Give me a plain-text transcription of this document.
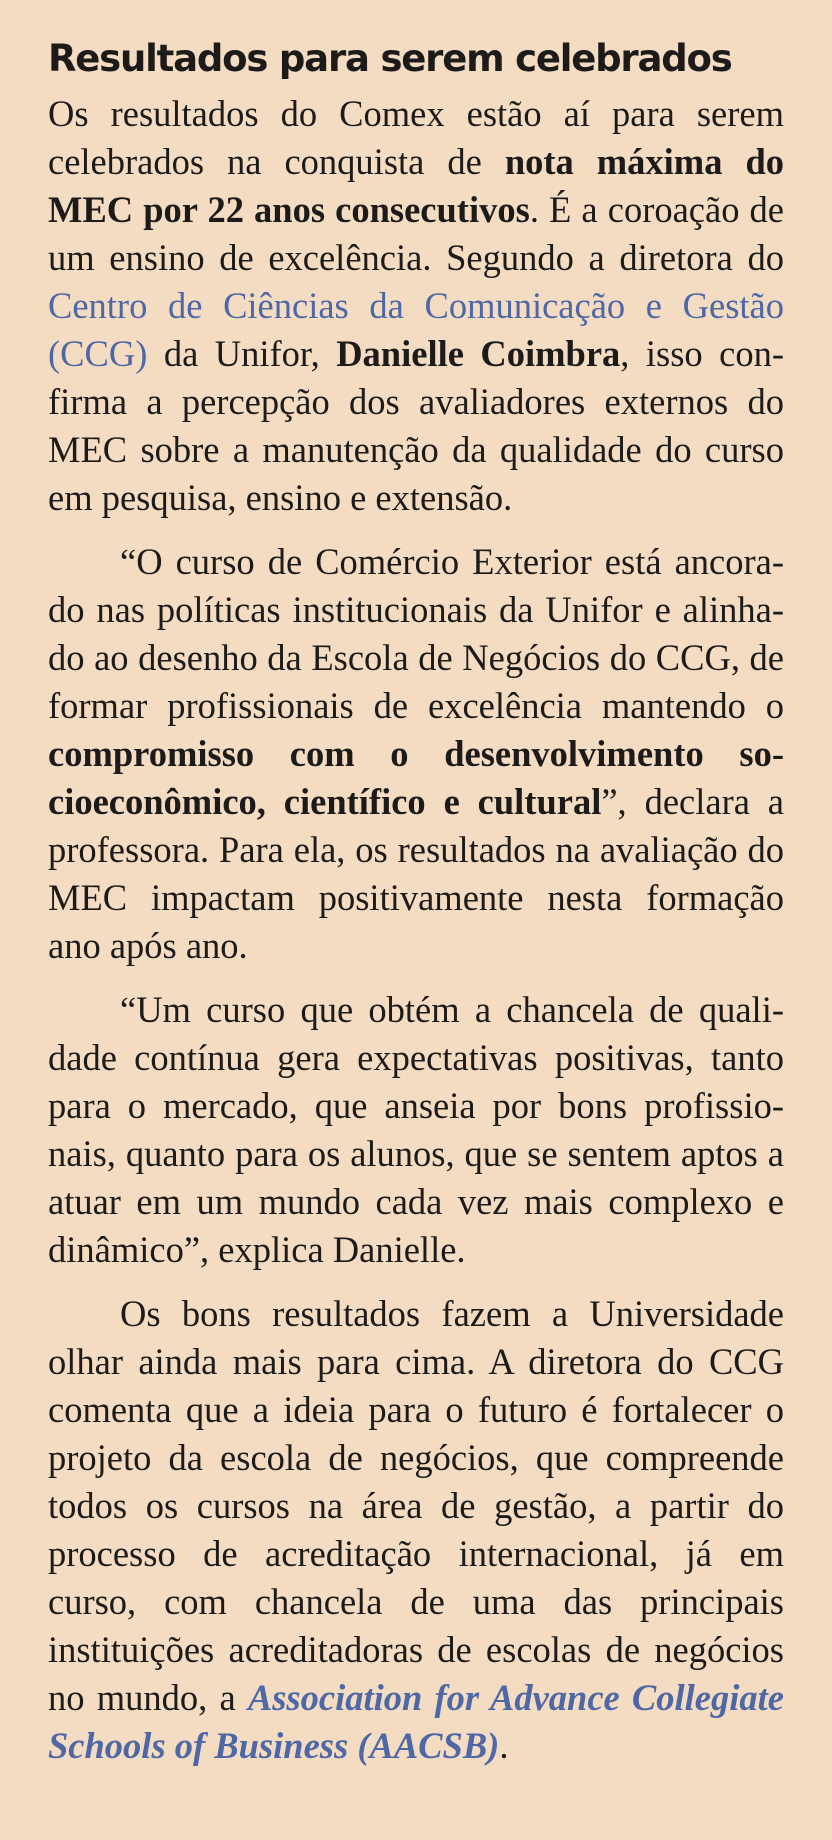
Resultados para serem celebrados

Os resultados do Comex estão aí para serem celebrados na conquista de nota máxima do MEC por 22 anos consecutivos. É a coroação de um ensino de excelência. Segundo a diretora do Centro de Ciências da Comunicação e Gestão (CCG) da Unifor, Danielle Coimbra, isso confirma a percepção dos avaliadores externos do MEC sobre a manutenção da qualidade do curso em pesquisa, ensino e extensão.

“O curso de Comércio Exterior está ancorado nas políticas institucionais da Unifor e alinhado ao desenho da Escola de Negócios do CCG, de formar profissionais de excelência mantendo o compromisso com o desenvolvimento socioeconômico, científico e cultural”, declara a professora. Para ela, os resultados na avaliação do MEC impactam positivamente nesta formação ano após ano.

“Um curso que obtém a chancela de qualidade contínua gera expectativas positivas, tanto para o mercado, que anseia por bons profissionais, quanto para os alunos, que se sentem aptos a atuar em um mundo cada vez mais complexo e dinâmico”, explica Danielle.

Os bons resultados fazem a Universidade olhar ainda mais para cima. A diretora do CCG comenta que a ideia para o futuro é fortalecer o projeto da escola de negócios, que compreende todos os cursos na área de gestão, a partir do processo de acreditação internacional, já em curso, com chancela de uma das principais instituições acreditadoras de escolas de negócios no mundo, a Association for Advance Collegiate Schools of Business (AACSB).
